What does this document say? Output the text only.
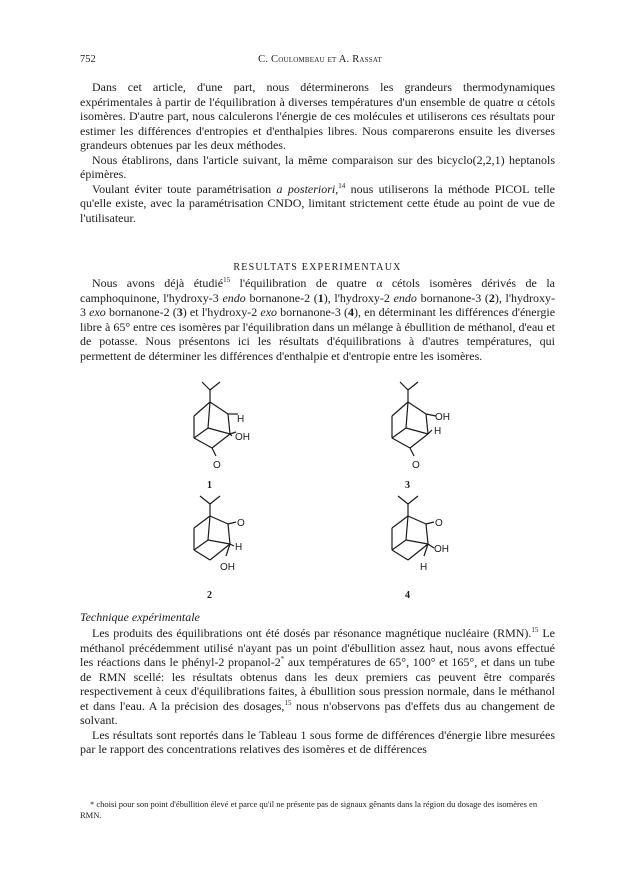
752	C. Coulombeau et A. Rassat

Dans cet article, d'une part, nous déterminerons les grandeurs thermodynamiques expérimentales à partir de l'équilibration à diverses températures d'un ensemble de quatre α cétols isomères. D'autre part, nous calculerons l'énergie de ces molécules et utiliserons ces résultats pour estimer les différences d'entropies et d'enthalpies libres. Nous comparerons ensuite les diverses grandeurs obtenues par les deux méthodes.

Nous établirons, dans l'article suivant, la même comparaison sur des bicyclo(2,2,1) heptanols épimères.

Voulant éviter toute paramétrisation a posteriori,$^{14}$ nous utiliserons la méthode PICOL telle qu'elle existe, avec la paramétrisation CNDO, limitant strictement cette étude au point de vue de l'utilisateur.

RESULTATS EXPERIMENTAUX

Nous avons déjà étudié$^{15}$ l'équilibration de quatre α cétols isomères dérivés de la camphoquinone, l'hydroxy-3 endo bornanone-2 (1), l'hydroxy-2 endo bornanone-3 (2), l'hydroxy-3 exo bornanone-2 (3) et l'hydroxy-2 exo bornanone-3 (4), en déterminant les différences d'énergie libre à 65° entre ces isomères par l'équilibration dans un mélange à ébullition de méthanol, d'eau et de potasse. Nous présentons ici les résultats d'équilibrations à d'autres températures, qui permettent de déterminer les différences d'enthalpie et d'entropie entre les isomères.

H
OH
O
1
OH
H
O
3
O
H
OH
2
O
OH
H
4
Technique expérimentale

Les produits des équilibrations ont été dosés par résonance magnétique nucléaire (RMN).$^{15}$ Le méthanol précédemment utilisé n'ayant pas un point d'ébullition assez haut, nous avons effectué les réactions dans le phényl-2 propanol-2* aux températures de 65°, 100° et 165°, et dans un tube de RMN scellé: les résultats obtenus dans les deux premiers cas peuvent être comparés respectivement à ceux d'équilibrations faites, à ébullition sous pression normale, dans le méthanol et dans l'eau. A la précision des dosages,$^{15}$ nous n'observons pas d'effets dus au changement de solvant.

Les résultats sont reportés dans le Tableau 1 sous forme de différences d'énergie libre mesurées par le rapport des concentrations relatives des isomères et de différences

* choisi pour son point d'ébullition élevé et parce qu'il ne présente pas de signaux gênants dans la région du dosage des isomères en RMN.
